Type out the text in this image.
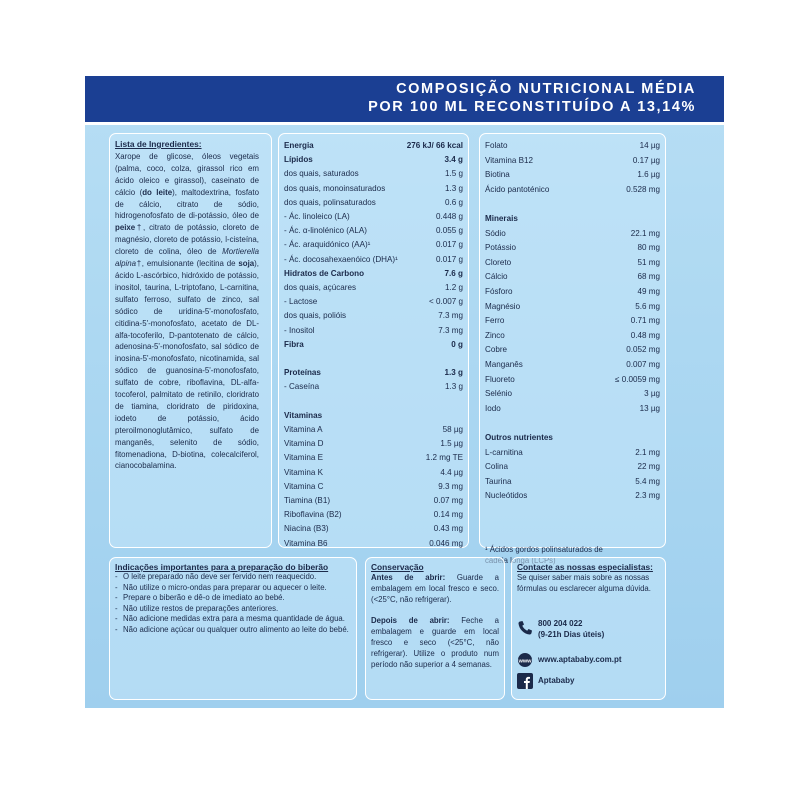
COMPOSIÇÃO NUTRICIONAL MÉDIA
POR 100 ML RECONSTITUÍDO A 13,14%
Lista de Ingredientes:
Xarope de glicose, óleos vegetais (palma, coco, colza, girassol rico em ácido oleico e girassol), caseinato de cálcio (do leite), maltodextrina, fosfato de cálcio, citrato de sódio, hidrogenofosfato de di-potássio, óleo de peixe†, citrato de potássio, cloreto de magnésio, cloreto de potássio, l-cisteína, cloreto de colina, óleo de Mortierella alpina†, emulsionante (lecitina de soja), ácido L-ascórbico, hidróxido de potássio, inositol, taurina, L-triptofano, L-carnitina, sulfato ferroso, sulfato de zinco, sal sódico de uridina-5'-monofosfato, citidina-5'-monofosfato, acetato de DL-alfa-tocoferilo, D-pantotenato de cálcio, adenosina-5'-monofosfato, sal sódico de inosina-5'-monofosfato, nicotinamida, sal sódico de guanosina-5'-monofosfato, sulfato de cobre, riboflavina, DL-alfa-tocoferol, palmitato de retinilo, cloridrato de tiamina, cloridrato de piridoxina, iodeto de potássio, ácido pteroilmonoglutâmico, sulfato de manganês, selenito de sódio, fitomenadiona, D-biotina, colecalciferol, cianocobalamina.
Energia	276 kJ/ 66 kcal
Lípidos	3.4 g
dos quais, saturados	1.5 g
dos quais, monoinsaturados	1.3 g
dos quais, polinsaturados	0.6 g
- Ác. linoleico (LA)	0.448 g
- Ác. α-linolénico (ALA)	0.055 g
- Ác. araquidónico (AA)¹	0.017 g
- Ác. docosahexaenóico (DHA)¹	0.017 g
Hidratos de Carbono	7.6 g
dos quais, açúcares	1.2 g
- Lactose	< 0.007 g
dos quais, polióis	7.3 mg
- Inositol	7.3 mg
Fibra	0 g
Proteínas	1.3 g
- Caseína	1.3 g
Vitaminas
Vitamina A	58 µg
Vitamina D	1.5 µg
Vitamina E	1.2 mg TE
Vitamina K	4.4 µg
Vitamina C	9.3 mg
Tiamina (B1)	0.07 mg
Riboflavina (B2)	0.14 mg
Niacina (B3)	0.43 mg
Vitamina B6	0.046 mg
Folato	14 µg
Vitamina B12	0.17 µg
Biotina	1.6 µg
Ácido pantoténico	0.528 mg
Minerais
Sódio	22.1 mg
Potássio	80 mg
Cloreto	51 mg
Cálcio	68 mg
Fósforo	49 mg
Magnésio	5.6 mg
Ferro	0.71 mg
Zinco	0.48 mg
Cobre	0.052 mg
Manganês	0.007 mg
Fluoreto	≤ 0.0059 mg
Selénio	3 µg
Iodo	13 µg
Outros nutrientes
L-carnitina	2.1 mg
Colina	22 mg
Taurina	5.4 mg
Nucleótidos	2.3 mg
¹ Ácidos gordos polinsaturados de
Indicações importantes para a preparação do biberão
- O leite preparado não deve ser fervido nem reaquecido.
- Não utilize o micro-ondas para preparar ou aquecer o leite.
- Prepare o biberão e dê-o de imediato ao bebé.
- Não utilize restos de preparações anteriores.
- Não adicione medidas extra para a mesma quantidade de água.
- Não adicione açúcar ou qualquer outro alimento ao leite do bebé.
Conservação
Antes de abrir: Guarde a embalagem em local fresco e seco. (<25°C, não refrigerar).
Depois de abrir: Feche a embalagem e guarde em local fresco e seco (<25°C, não refrigerar). Utilize o produto num período não superior a 4 semanas.
Contacte as nossas especialistas:
Se quiser saber mais sobre as nossas fórmulas ou esclarecer alguma dúvida.
800 204 022
(9-21h Dias úteis)
www www.aptababy.com.pt
Aptababy
